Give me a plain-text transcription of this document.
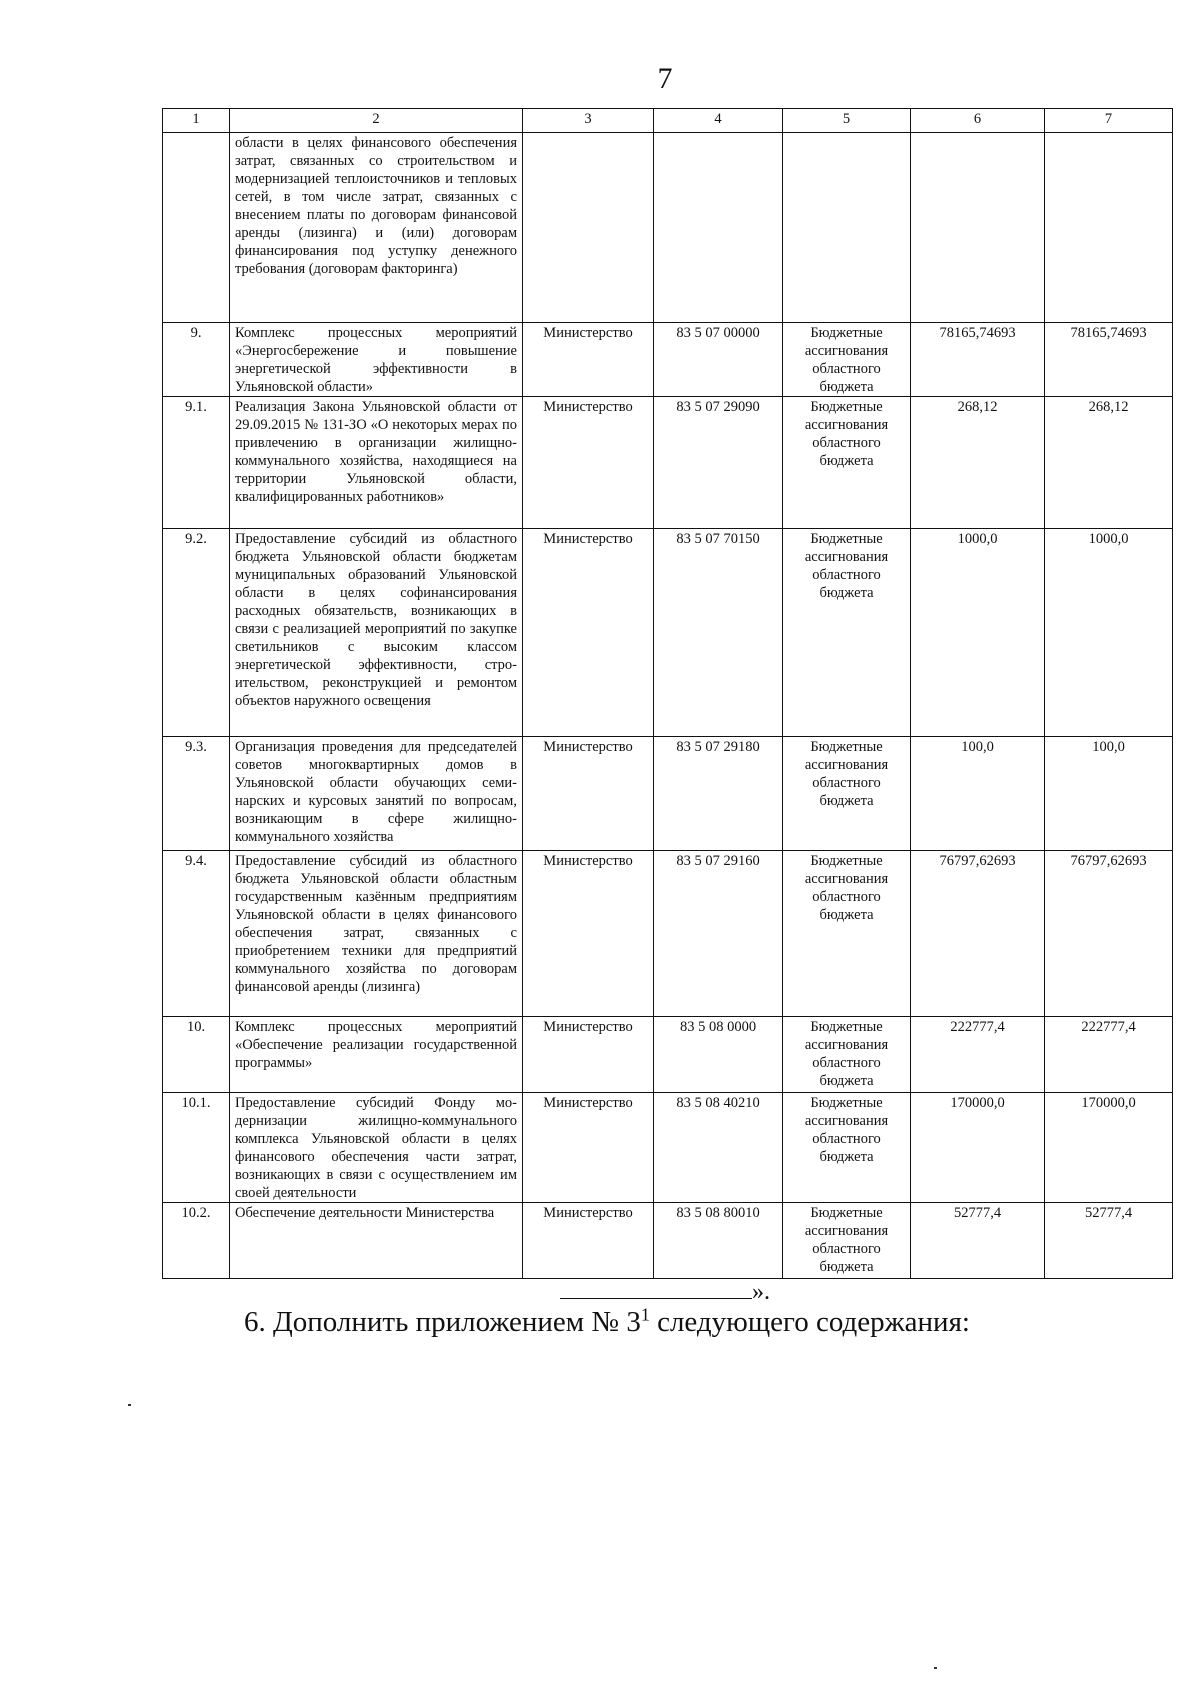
7
1	2	3	4	5	6	7
	области в целях финансового обеспечения затрат, связанных со строительством и модернизацией теплоисточников и тепловых сетей, в том числе затрат, связанных с внесением платы по договорам финансовой аренды (лизинга) и (или) договорам финансирования под уступку денежного требования (договорам факторинга)					
9.	Комплекс процессных мероприятий «Энергосбережение и повышение энергетической эффективности в Ульяновской области»	Министерство	83 5 07 00000	Бюджетные ассигнования областного бюджета	78165,74693	78165,74693
9.1.	Реализация Закона Ульяновской области от 29.09.2015 № 131-ЗО «О некоторых мерах по привлечению в организации жилищно-коммунального хозяйства, находящиеся на территории Ульяновской области, квалифицированных работников»	Министерство	83 5 07 29090	Бюджетные ассигнования областного бюджета	268,12	268,12
9.2.	Предоставление субсидий из областного бюджета Ульяновской области бюджетам муниципальных образований Ульяновской области в целях софинансирования расходных обязательств, возникающих в связи с реализацией мероприятий по закупке светильников с высоким классом энергетической эффективности, строительством, реконструкцией и ремонтом объектов наружного освещения	Министерство	83 5 07 70150	Бюджетные ассигнования областного бюджета	1000,0	1000,0
9.3.	Организация проведения для председателей советов многоквартирных домов в Ульяновской области обучающих семинарских и курсовых занятий по вопросам, возникающим в сфере жилищно-коммунального хозяйства	Министерство	83 5 07 29180	Бюджетные ассигнования областного бюджета	100,0	100,0
9.4.	Предоставление субсидий из областного бюджета Ульяновской области областным государственным казённым предприятиям Ульяновской области в целях финансового обеспечения затрат, связанных с приобретением техники для предприятий коммунального хозяйства по договорам финансовой аренды (лизинга)	Министерство	83 5 07 29160	Бюджетные ассигнования областного бюджета	76797,62693	76797,62693
10.	Комплекс процессных мероприятий «Обеспечение реализации государственной программы»	Министерство	83 5 08 0000	Бюджетные ассигнования областного бюджета	222777,4	222777,4
10.1.	Предоставление субсидий Фонду модернизации жилищно-коммунального комплекса Ульяновской области в целях финансового обеспечения части затрат, возникающих в связи с осуществлением им своей деятельности	Министерство	83 5 08 40210	Бюджетные ассигнования областного бюджета	170000,0	170000,0
10.2.	Обеспечение деятельности Министерства	Министерство	83 5 08 80010	Бюджетные ассигнования областного бюджета	52777,4	52777,4
».
6. Дополнить приложением № $3^1$ следующего содержания:
